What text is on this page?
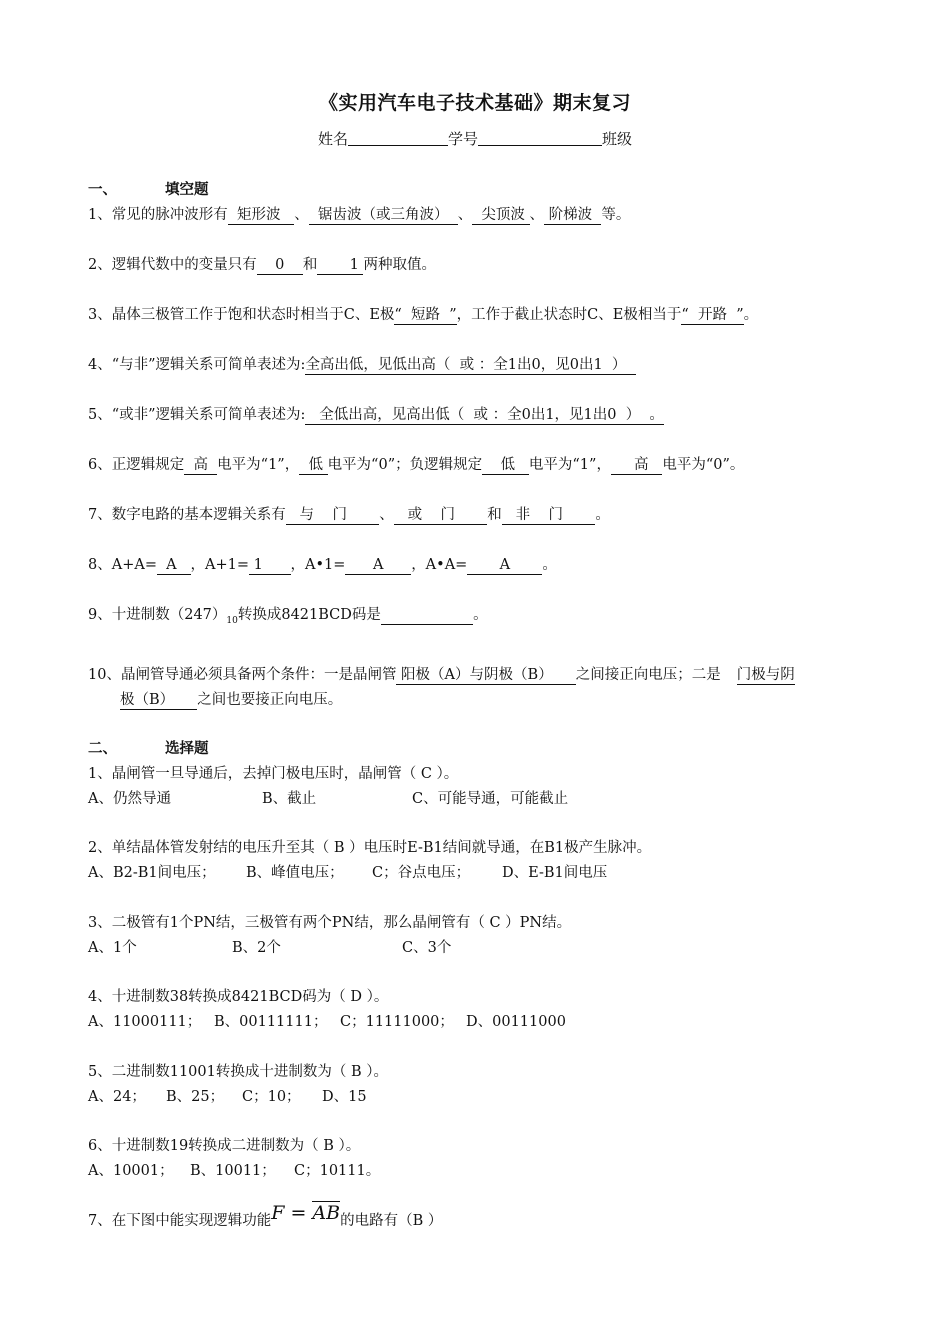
《实用汽车电子技术基础》期末复习
姓名	学号	班级
一、	填空题
1、常见的脉冲波形有  矩形波   、  锯齿波（或三角波）  、  尖顶波 、 阶梯波  等。
2、逻辑代数中的变量只有    0    和       1 两种取值。
3、晶体三极管工作于饱和状态时相当于C、E极“  短路  ”，工作于截止状态时C、E极相当于“  开路  ”。
4、“与非”逻辑关系可简单表述为:全高出低，见低出高（  或 ：全1出0，见0出1  ）
5、“或非”逻辑关系可简单表述为:   全低出高，见高出低（  或 ：全0出1，见1出0  ）  。
6、正逻辑规定  高  电平为“1”，  低 电平为“0”；负逻辑规定    低   电平为“1”，     高   电平为“0”。
7、数字电路的基本逻辑关系有   与    门       、   或    门       和   非    门       。
8、A+A=  A   ，A+1= 1      ，A•1=      A      ，A•A=       A       。
9、十进制数$(247)_{10}$转换成8421BCD码是	。
10、晶闸管导通必须具备两个条件：一是晶闸管 阳极（A）与阴极（B）     之间接正向电压；二是 门极与阴
极（B）     之间也要接正向电压。
二、	选择题
1、晶闸管一旦导通后，去掉门极电压时，晶闸管（ C ）。
A、仍然导通	B、截止	C、可能导通，可能截止
2、单结晶体管发射结的电压升至其（ B ）电压时E-B1结间就导通，在B1极产生脉冲。
A、B2-B1间电压； B、峰值电压； C；谷点电压； D、E-B1间电压
3、二极管有1个PN结，三极管有两个PN结，那么晶闸管有（ C ）PN结。
A、1个	B、2个	C、3个
4、十进制数38转换成8421BCD码为（ D ）。
A、11000111； B、00111111； C；11111000； D、00111000
5、二进制数11001转换成十进制数为（ B ）。
A、24； B、25； C；10； D、15
6、十进制数19转换成二进制数为（ B ）。
A、10001； B、10011； C；10111。
7、在下图中能实现逻辑功能F = AB的电路有（B ）
